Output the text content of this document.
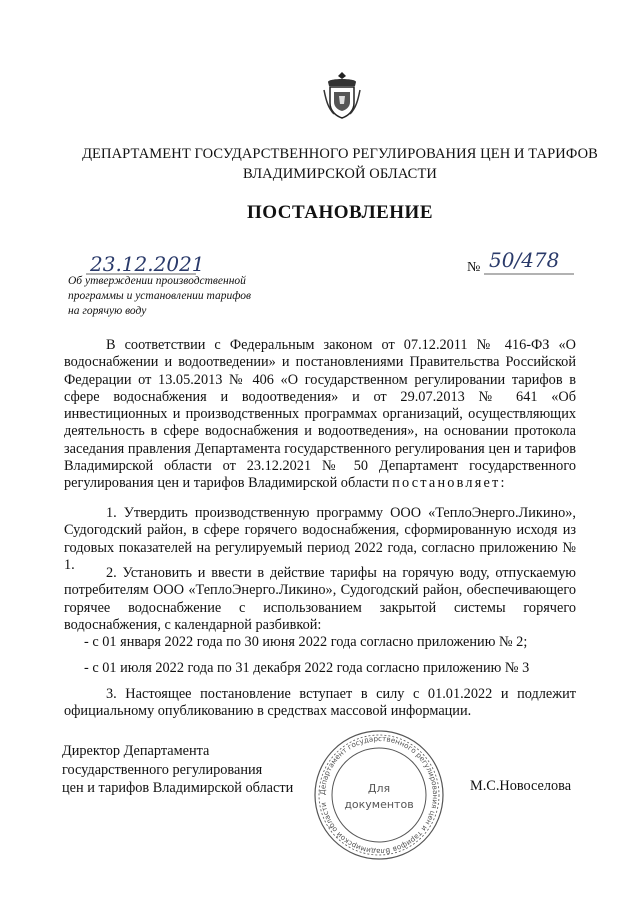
ДЕПАРТАМЕНТ ГОСУДАРСТВЕННОГО РЕГУЛИРОВАНИЯ ЦЕН И ТАРИФОВ
ВЛАДИМИРСКОЙ ОБЛАСТИ
ПОСТАНОВЛЕНИЕ
23.12.2021	№ 50/478
Об утверждении производственной
программы и установлении тарифов
на горячую воду
В соответствии с Федеральным законом от 07.12.2011 № 416-ФЗ «О водоснабжении и водоотведении» и постановлениями Правительства Российской Федерации от 13.05.2013 № 406 «О государственном регулировании тарифов в сфере водоснабжения и водоотведения» и от 29.07.2013 № 641 «Об инвестиционных и производственных программах организаций, осуществляющих деятельность в сфере водоснабжения и водоотведения», на основании протокола заседания правления Департамента государственного регулирования цен и тарифов Владимирской области от 23.12.2021 № 50 Департамент государственного регулирования цен и тарифов Владимирской области постановляет:
1. Утвердить производственную программу ООО «ТеплоЭнерго.Ликино», Судогодский район, в сфере горячего водоснабжения, сформированную исходя из годовых показателей на регулируемый период 2022 года, согласно приложению № 1.
2. Установить и ввести в действие тарифы на горячую воду, отпускаемую потребителям ООО «ТеплоЭнерго.Ликино», Судогодский район, обеспечивающего горячее водоснабжение с использованием закрытой системы горячего водоснабжения, с календарной разбивкой:
- с 01 января 2022 года по 30 июня 2022 года согласно приложению № 2;
- с 01 июля 2022 года по 31 декабря 2022 года согласно приложению № 3
3. Настоящее постановление вступает в силу с 01.01.2022 и подлежит официальному опубликованию в средствах массовой информации.
Директор Департамента
государственного регулирования
цен и тарифов Владимирской области	Департамент государственного регулирования цен и тарифов Владимирской области
Для
документов
М.С.Новоселова
